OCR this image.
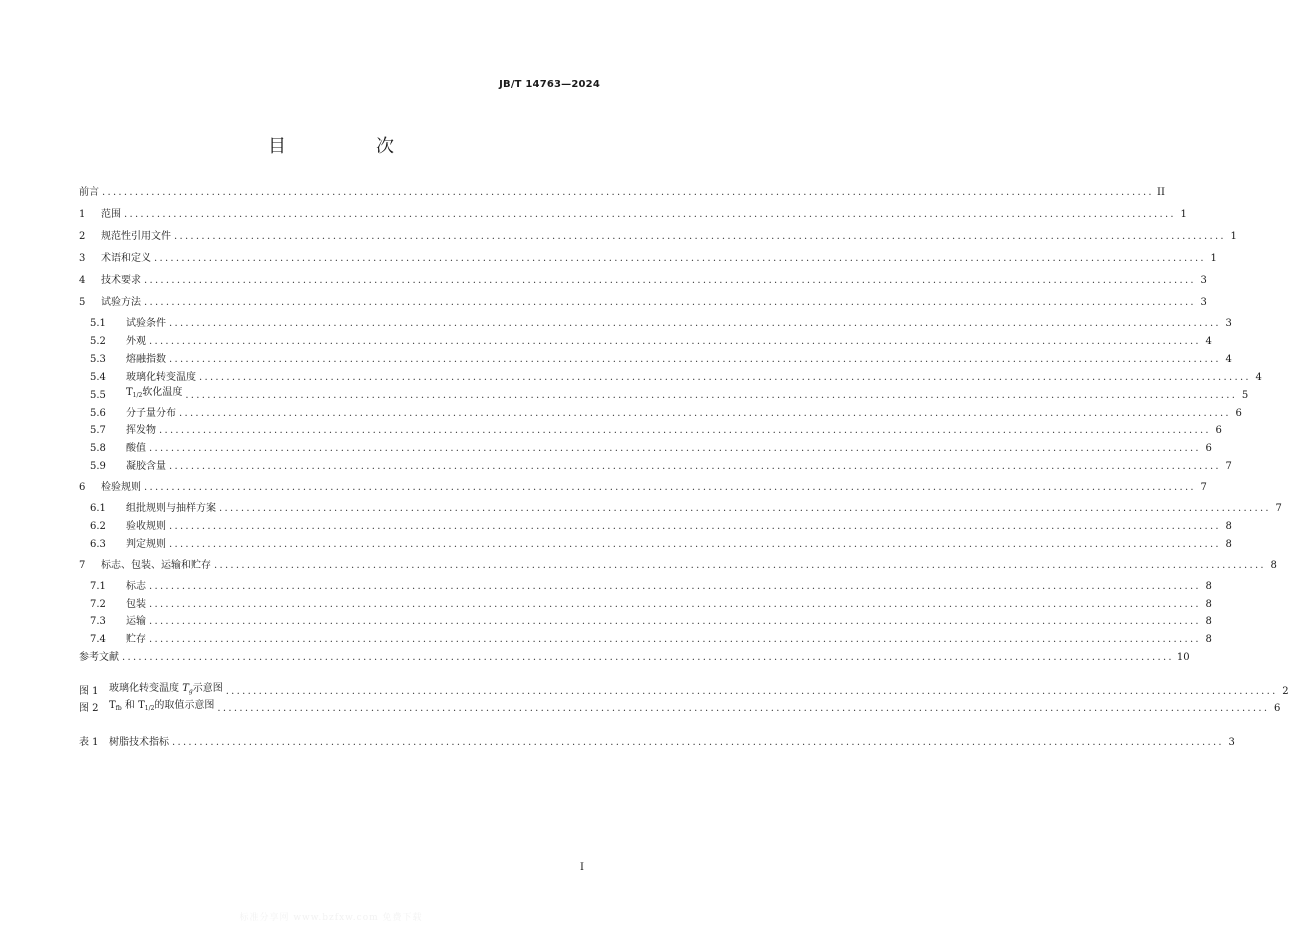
JB/T 14763—2024
目　次
前言 ................................................................................................................................................................................................ II
1	范围 ................................................................................................................................................................................................ 1
2	规范性引用文件 ................................................................................................................................................................................................ 1
3	术语和定义 ................................................................................................................................................................................................ 1
4	技术要求 ................................................................................................................................................................................................ 3
5	试验方法 ................................................................................................................................................................................................ 3
5.1	试验条件 ................................................................................................................................................................................................ 3
5.2	外观 ................................................................................................................................................................................................ 4
5.3	熔融指数 ................................................................................................................................................................................................ 4
5.4	玻璃化转变温度 ................................................................................................................................................................................................ 4
5.5	$T_{1/2}$软化温度 ................................................................................................................................................................................................ 5
5.6	分子量分布 ................................................................................................................................................................................................ 6
5.7	挥发物 ................................................................................................................................................................................................ 6
5.8	酸值 ................................................................................................................................................................................................ 6
5.9	凝胶含量 ................................................................................................................................................................................................ 7
6	检验规则 ................................................................................................................................................................................................ 7
6.1	组批规则与抽样方案 ................................................................................................................................................................................................ 7
6.2	验收规则 ................................................................................................................................................................................................ 8
6.3	判定规则 ................................................................................................................................................................................................ 8
7	标志、包装、运输和贮存 ................................................................................................................................................................................................ 8
7.1	标志 ................................................................................................................................................................................................ 8
7.2	包装 ................................................................................................................................................................................................ 8
7.3	运输 ................................................................................................................................................................................................ 8
7.4	贮存 ................................................................................................................................................................................................ 8
参考文献 ................................................................................................................................................................................................ 10
图 1	玻璃化转变温度 $T_g$示意图 ................................................................................................................................................................................................ 2
图 2	$T_{fb}$ 和 $T_{1/2}$的取值示意图 ................................................................................................................................................................................................ 6
表 1	树脂技术指标 ................................................................................................................................................................................................ 3
I
标准分享网 www.bzfxw.com 免费下载
